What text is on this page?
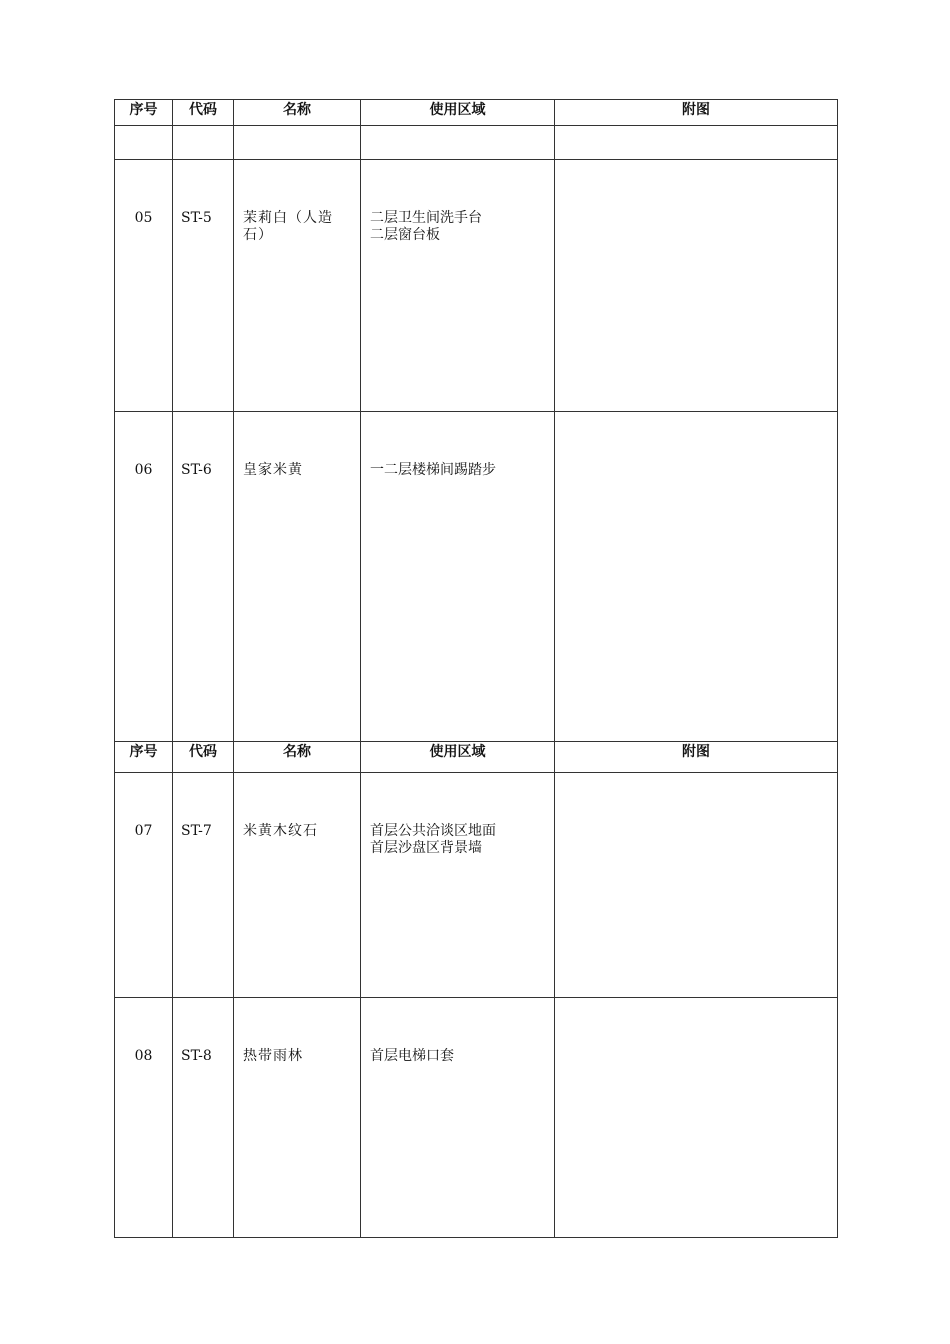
序号	代码	名称	使用区域	附图

05	ST-5	茉莉白（人造石）	二层卫生间洗手台
二层窗台板	

06	ST-6	皇家米黄	一二层楼梯间踢踏步	

序号	代码	名称	使用区域	附图
07	ST-7	米黄木纹石	首层公共洽谈区地面
首层沙盘区背景墙	

08	ST-8	热带雨林	首层电梯口套	
